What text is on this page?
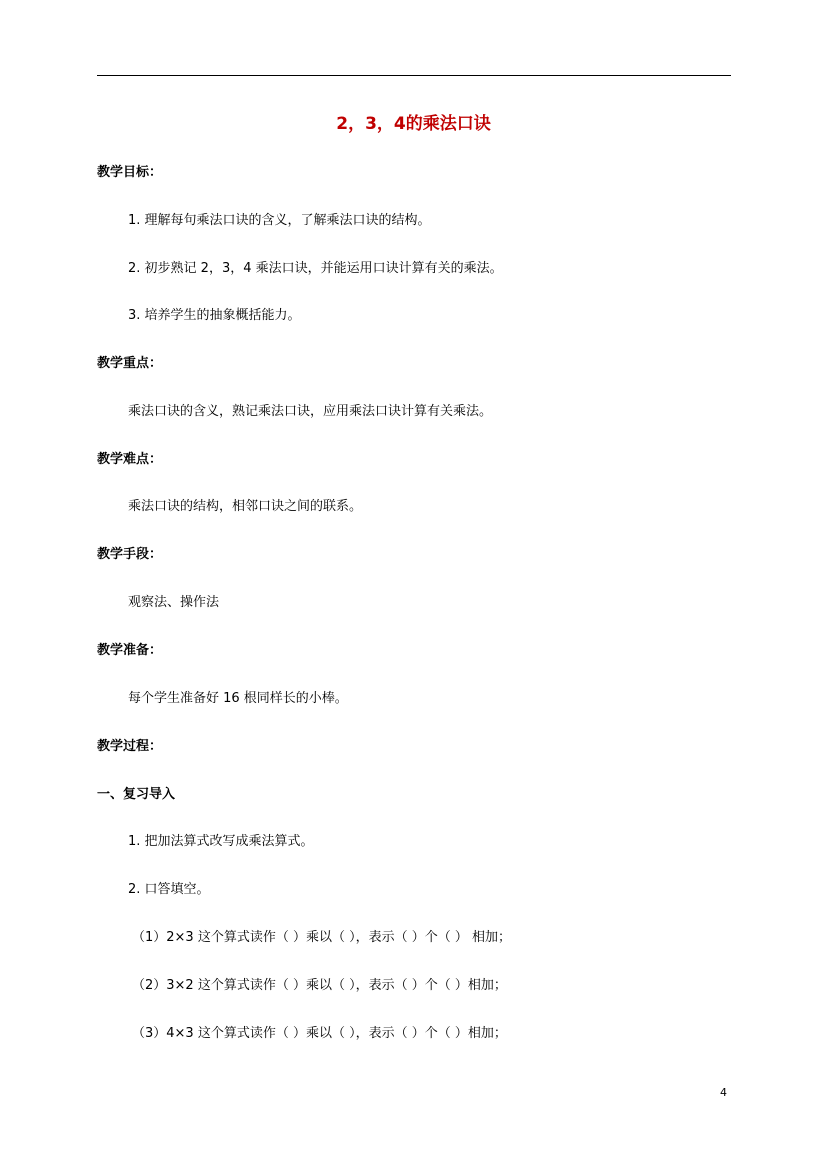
2，3，4的乘法口诀
教学目标：
1. 理解每句乘法口诀的含义，了解乘法口诀的结构。
2. 初步熟记 2，3，4 乘法口诀，并能运用口诀计算有关的乘法。
3. 培养学生的抽象概括能力。
教学重点：
乘法口诀的含义，熟记乘法口诀，应用乘法口诀计算有关乘法。
教学难点：
乘法口诀的结构，相邻口诀之间的联系。
教学手段：
观察法、操作法
教学准备：
每个学生准备好 16 根同样长的小棒。
教学过程：
一、复习导入
1. 把加法算式改写成乘法算式。
2. 口答填空。
（1）2×3 这个算式读作（ ）乘以（ ），表示（ ）个（ ） 相加；
（2）3×2 这个算式读作（ ）乘以（ ），表示（ ）个（ ）相加；
（3）4×3 这个算式读作（ ）乘以（ ），表示（ ）个（ ）相加；
4
